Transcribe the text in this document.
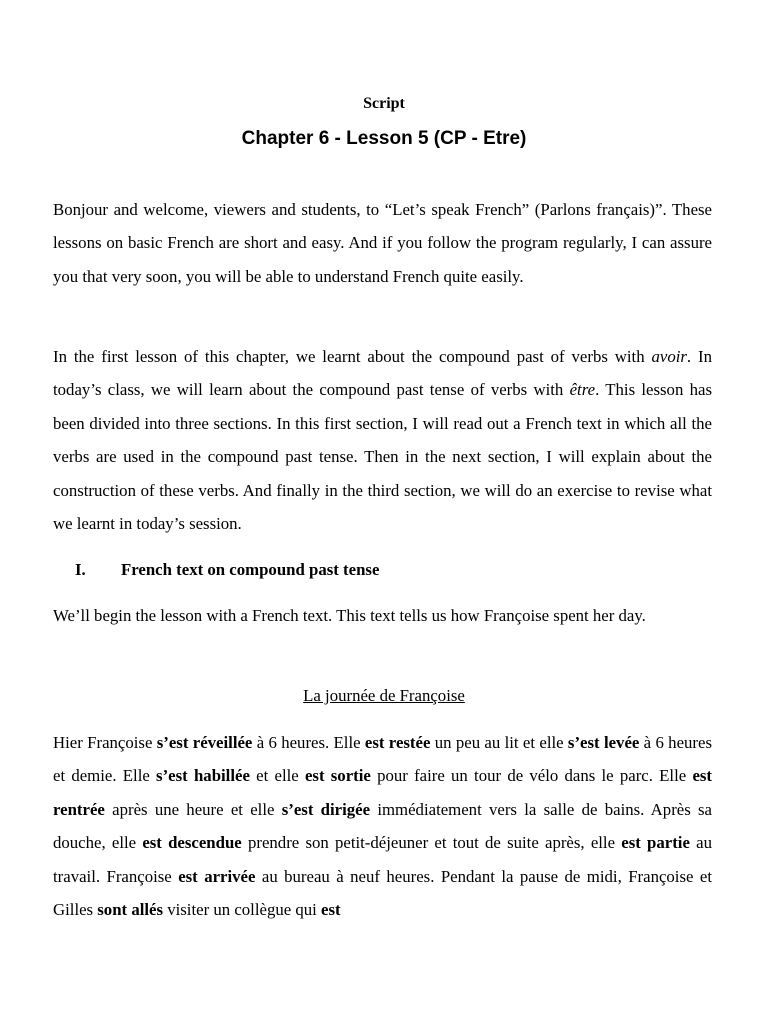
Script
Chapter 6 - Lesson 5 (CP - Etre)

Bonjour and welcome, viewers and students, to “Let’s speak French” (Parlons français)”. These lessons on basic French are short and easy. And if you follow the program regularly, I can assure you that very soon, you will be able to understand French quite easily.

In the first lesson of this chapter, we learnt about the compound past of verbs with avoir. In today’s class, we will learn about the compound past tense of verbs with être. This lesson has been divided into three sections. In this first section, I will read out a French text in which all the verbs are used in the compound past tense. Then in the next section, I will explain about the construction of these verbs. And finally in the third section, we will do an exercise to revise what we learnt in today’s session.

I. French text on compound past tense

We’ll begin the lesson with a French text. This text tells us how Françoise spent her day.

La journée de Françoise

Hier Françoise s’est réveillée à 6 heures. Elle est restée un peu au lit et elle s’est levée à 6 heures et demie. Elle s’est habillée et elle est sortie pour faire un tour de vélo dans le parc. Elle est rentrée après une heure et elle s’est dirigée immédiatement vers la salle de bains. Après sa douche, elle est descendue prendre son petit-déjeuner et tout de suite après, elle est partie au travail. Françoise est arrivée au bureau à neuf heures. Pendant la pause de midi, Françoise et Gilles sont allés visiter un collègue qui est
